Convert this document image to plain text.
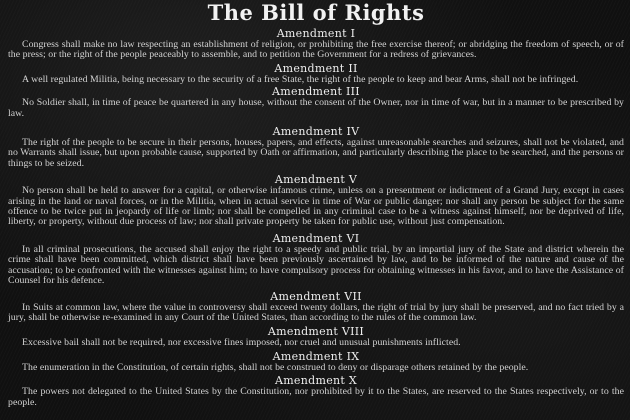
The Bill of Rights
Amendment I

Congress shall make no law respecting an establishment of religion, or prohibiting the free exercise thereof; or abridging the freedom of speech, or of the press; or the right of the people peaceably to assemble, and to petition the Government for a redress of grievances.

Amendment II

A well regulated Militia, being necessary to the security of a free State, the right of the people to keep and bear Arms, shall not be infringed.

Amendment III

No Soldier shall, in time of peace be quartered in any house, without the consent of the Owner, nor in time of war, but in a manner to be prescribed by law.

Amendment IV

The right of the people to be secure in their persons, houses, papers, and effects, against unreasonable searches and seizures, shall not be violated, and no Warrants shall issue, but upon probable cause, supported by Oath or affirmation, and particularly describing the place to be searched, and the persons or things to be seized.

Amendment V

No person shall be held to answer for a capital, or otherwise infamous crime, unless on a presentment or indictment of a Grand Jury, except in cases arising in the land or naval forces, or in the Militia, when in actual service in time of War or public danger; nor shall any person be subject for the same offence to be twice put in jeopardy of life or limb; nor shall be compelled in any criminal case to be a witness against himself, nor be deprived of life, liberty, or property, without due process of law; nor shall private property be taken for public use, without just compensation.

Amendment VI

In all criminal prosecutions, the accused shall enjoy the right to a speedy and public trial, by an impartial jury of the State and district wherein the crime shall have been committed, which district shall have been previously ascertained by law, and to be informed of the nature and cause of the accusation; to be confronted with the witnesses against him; to have compulsory process for obtaining witnesses in his favor, and to have the Assistance of Counsel for his defence.

Amendment VII

In Suits at common law, where the value in controversy shall exceed twenty dollars, the right of trial by jury shall be preserved, and no fact tried by a jury, shall be otherwise re-examined in any Court of the United States, than according to the rules of the common law.

Amendment VIII

Excessive bail shall not be required, nor excessive fines imposed, nor cruel and unusual punishments inflicted.

Amendment IX

The enumeration in the Constitution, of certain rights, shall not be construed to deny or disparage others retained by the people.

Amendment X

The powers not delegated to the United States by the Constitution, nor prohibited by it to the States, are reserved to the States respectively, or to the people.
